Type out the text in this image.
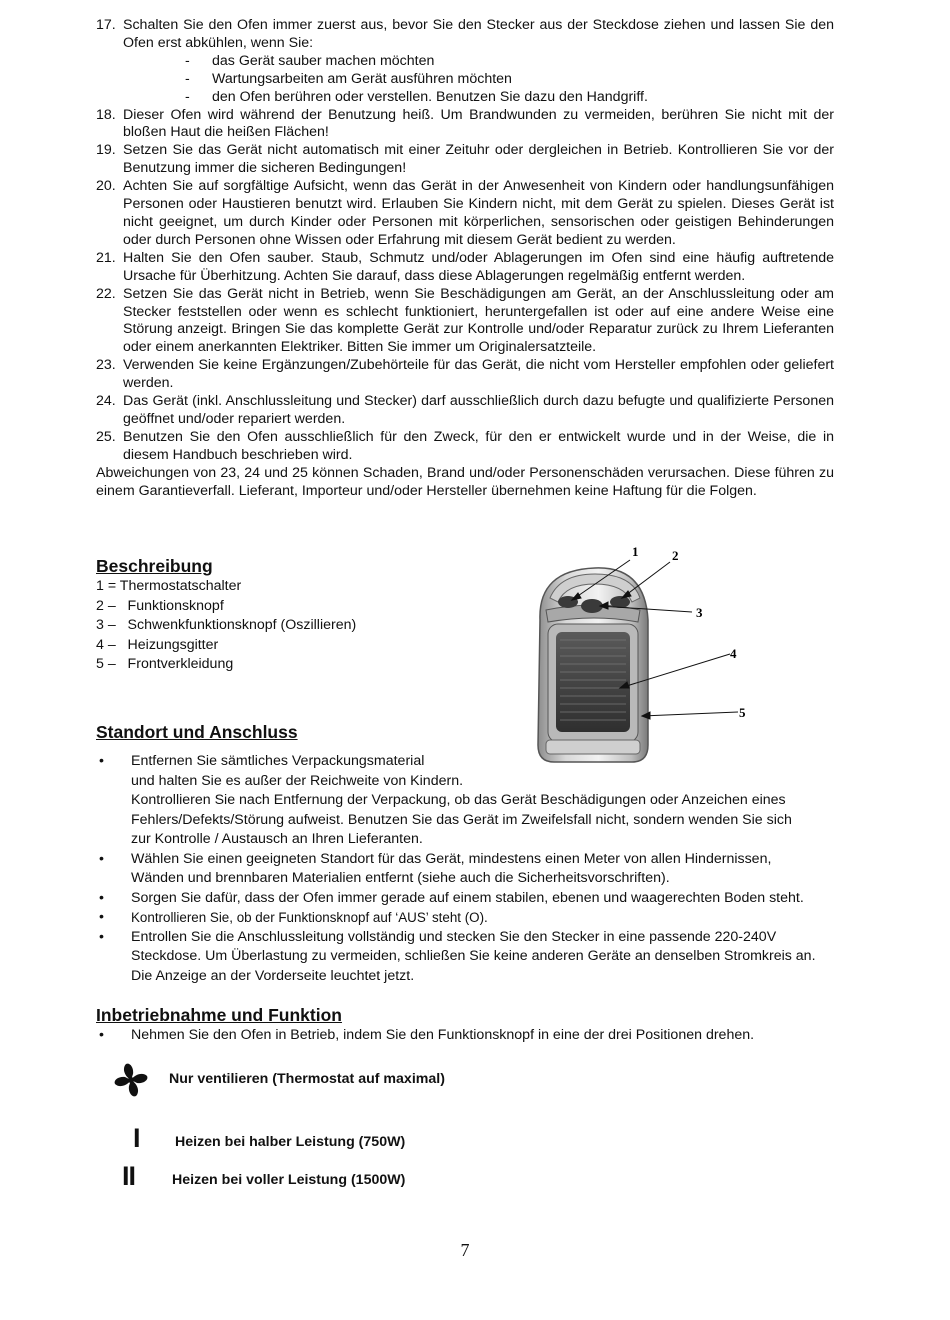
17. Schalten Sie den Ofen immer zuerst aus, bevor Sie den Stecker aus der Steckdose ziehen und lassen Sie den Ofen erst abkühlen, wenn Sie:
- das Gerät sauber machen möchten
- Wartungsarbeiten am Gerät ausführen möchten
- den Ofen berühren oder verstellen. Benutzen Sie dazu den Handgriff.
18. Dieser Ofen wird während der Benutzung heiß. Um Brandwunden zu vermeiden, berühren Sie nicht mit der bloßen Haut die heißen Flächen!
19. Setzen Sie das Gerät nicht automatisch mit einer Zeituhr oder dergleichen in Betrieb. Kontrollieren Sie vor der Benutzung immer die sicheren Bedingungen!
20. Achten Sie auf sorgfältige Aufsicht, wenn das Gerät in der Anwesenheit von Kindern oder handlungsunfähigen Personen oder Haustieren benutzt wird. Erlauben Sie Kindern nicht, mit dem Gerät zu spielen. Dieses Gerät ist nicht geeignet, um durch Kinder oder Personen mit körperlichen, sensorischen oder geistigen Behinderungen oder durch Personen ohne Wissen oder Erfahrung mit diesem Gerät bedient zu werden.
21. Halten Sie den Ofen sauber. Staub, Schmutz und/oder Ablagerungen im Ofen sind eine häufig auftretende Ursache für Überhitzung. Achten Sie darauf, dass diese Ablagerungen regelmäßig entfernt werden.
22. Setzen Sie das Gerät nicht in Betrieb, wenn Sie Beschädigungen am Gerät, an der Anschlussleitung oder am Stecker feststellen oder wenn es schlecht funktioniert, heruntergefallen ist oder auf eine andere Weise eine Störung anzeigt. Bringen Sie das komplette Gerät zur Kontrolle und/oder Reparatur zurück zu Ihrem Lieferanten oder einem anerkannten Elektriker. Bitten Sie immer um Originalersatzteile.
23. Verwenden Sie keine Ergänzungen/Zubehörteile für das Gerät, die nicht vom Hersteller empfohlen oder geliefert werden.
24. Das Gerät (inkl. Anschlussleitung und Stecker) darf ausschließlich durch dazu befugte und qualifizierte Personen geöffnet und/oder repariert werden.
25. Benutzen Sie den Ofen ausschließlich für den Zweck, für den er entwickelt wurde und in der Weise, die in diesem Handbuch beschrieben wird.
Abweichungen von 23, 24 und 25 können Schaden, Brand und/oder Personenschäden verursachen. Diese führen zu einem Garantieverfall. Lieferant, Importeur und/oder Hersteller übernehmen keine Haftung für die Folgen.
Beschreibung
1 = Thermostatschalter
2 –   Funktionsknopf
3 –   Schwenkfunktionsknopf (Oszillieren)
4 –   Heizungsgitter
5 –   Frontverkleidung
1	2
3
4
5
Standort und Anschluss
• Entfernen Sie sämtliches Verpackungsmaterial
und halten Sie es außer der Reichweite von Kindern.
Kontrollieren Sie nach Entfernung der Verpackung, ob das Gerät Beschädigungen oder Anzeichen eines Fehlers/Defekts/Störung aufweist. Benutzen Sie das Gerät im Zweifelsfall nicht, sondern wenden Sie sich zur Kontrolle / Austausch an Ihren Lieferanten.
• Wählen Sie einen geeigneten Standort für das Gerät, mindestens einen Meter von allen Hindernissen, Wänden und brennbaren Materialien entfernt (siehe auch die Sicherheitsvorschriften).
• Sorgen Sie dafür, dass der Ofen immer gerade auf einem stabilen, ebenen und waagerechten Boden steht.
• Kontrollieren Sie, ob der Funktionsknopf auf ‘AUS’ steht (O).
• Entrollen Sie die Anschlussleitung vollständig und stecken Sie den Stecker in eine passende 220-240V Steckdose. Um Überlastung zu vermeiden, schließen Sie keine anderen Geräte an denselben Stromkreis an. Die Anzeige an der Vorderseite leuchtet jetzt.
Inbetriebnahme und Funktion
• Nehmen Sie den Ofen in Betrieb, indem Sie den Funktionsknopf in eine der drei Positionen drehen.
Nur ventilieren (Thermostat auf maximal)
I Heizen bei halber Leistung (750W)
II	Heizen bei voller Leistung (1500W)
7
